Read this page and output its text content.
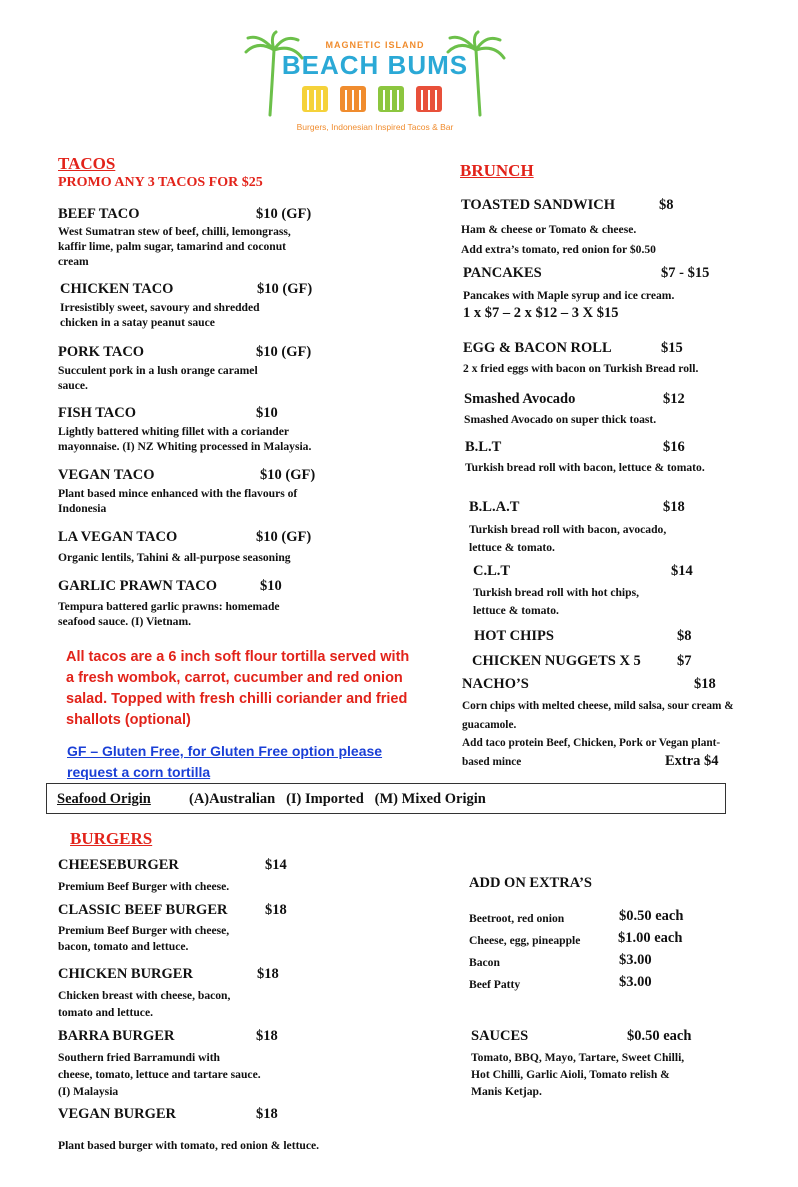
MAGNETIC ISLAND
BEACH BUMS
Burgers, Indonesian Inspired Tacos & Bar
TACOS
PROMO ANY 3 TACOS FOR $25
BEEF TACO	$10 (GF)
West Sumatran stew of beef, chilli, lemongrass,
kaffir lime, palm sugar, tamarind and coconut
cream
CHICKEN TACO	$10 (GF)
Irresistibly sweet, savoury and shredded
chicken in a satay peanut sauce
PORK TACO	$10 (GF)
Succulent pork in a lush orange caramel
sauce.
FISH TACO	$10
Lightly battered whiting fillet with a coriander
mayonnaise. (I) NZ Whiting processed in Malaysia.
VEGAN TACO	$10 (GF)
Plant based mince enhanced with the flavours of
Indonesia
LA VEGAN TACO	$10 (GF)
Organic lentils, Tahini & all-purpose seasoning
GARLIC PRAWN TACO	$10
Tempura battered garlic prawns: homemade
seafood sauce. (I) Vietnam.
All tacos are a 6 inch soft flour tortilla served with
a fresh wombok, carrot, cucumber and red onion
salad. Topped with fresh chilli coriander and fried
shallots (optional)
GF – Gluten Free, for Gluten Free option please
request a corn tortilla
BRUNCH
TOASTED SANDWICH	$8
Ham & cheese or Tomato & cheese.
Add extra’s tomato, red onion for $0.50
PANCAKES	$7 - $15
Pancakes with Maple syrup and ice cream.
1 x $7 – 2 x $12 – 3 X $15
EGG & BACON ROLL	$15
2 x fried eggs with bacon on Turkish Bread roll.
Smashed Avocado	$12
Smashed Avocado on super thick toast.
B.L.T	$16
Turkish bread roll with bacon, lettuce & tomato.
B.L.A.T	$18
Turkish bread roll with bacon, avocado,
lettuce & tomato.
C.L.T	$14
Turkish bread roll with hot chips,
lettuce & tomato.
HOT CHIPS	$8
CHICKEN NUGGETS X 5 $7
NACHO’S	$18
Corn chips with melted cheese, mild salsa, sour cream &
guacamole.
Add taco protein Beef, Chicken, Pork or Vegan plant-
based mince	Extra $4
Seafood Origin	(A)Australian   (I) Imported   (M) Mixed Origin
BURGERS
CHEESEBURGER	$14
Premium Beef Burger with cheese.
CLASSIC BEEF BURGER	$18
Premium Beef Burger with cheese,
bacon, tomato and lettuce.
CHICKEN BURGER	$18
Chicken breast with cheese, bacon,
tomato and lettuce.
BARRA BURGER	$18
Southern fried Barramundi with
cheese, tomato, lettuce and tartare sauce.
(I) Malaysia
VEGAN BURGER	$18
Plant based burger with tomato, red onion & lettuce.
ADD ON EXTRA’S
Beetroot, red onion	$0.50 each
Cheese, egg, pineapple	$1.00 each
Bacon	$3.00
Beef Patty	$3.00
SAUCES	$0.50 each
Tomato, BBQ, Mayo, Tartare, Sweet Chilli,
Hot Chilli, Garlic Aioli, Tomato relish &
Manis Ketjap.
